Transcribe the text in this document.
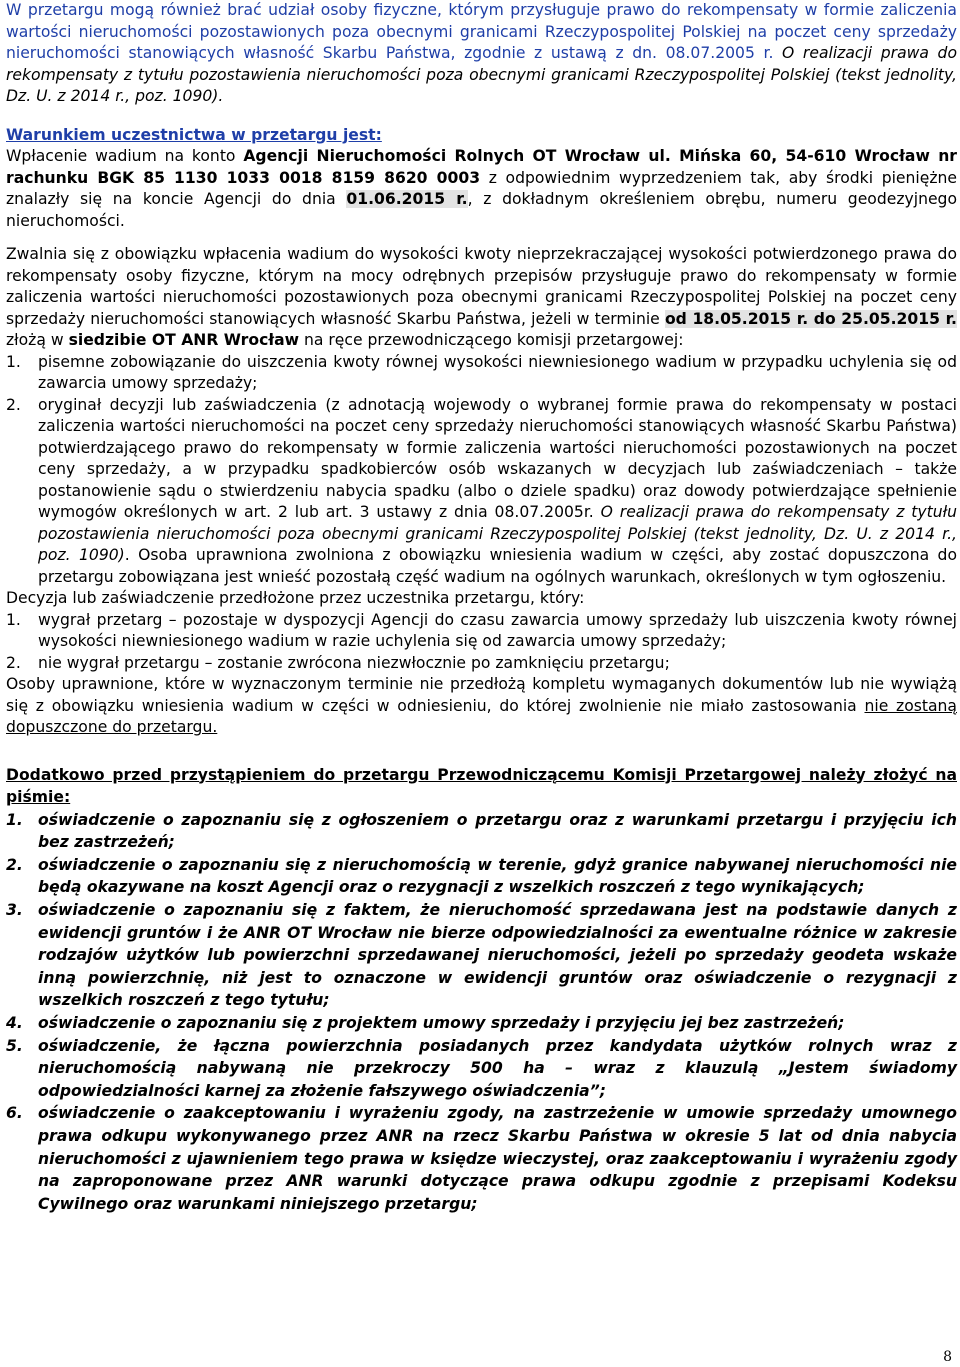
W przetargu mogą również brać udział osoby fizyczne, którym przysługuje prawo do rekompensaty w formie zaliczenia wartości nieruchomości pozostawionych poza obecnymi granicami Rzeczypospolitej Polskiej na poczet ceny sprzedaży nieruchomości stanowiących własność Skarbu Państwa, zgodnie z ustawą z dn. 08.07.2005 r. O realizacji prawa do rekompensaty z tytułu pozostawienia nieruchomości poza obecnymi granicami Rzeczypospolitej Polskiej (tekst jednolity, Dz. U. z 2014 r., poz. 1090).

Warunkiem uczestnictwa w przetargu jest:

Wpłacenie wadium na konto Agencji Nieruchomości Rolnych OT Wrocław ul. Mińska 60, 54-610 Wrocław nr rachunku BGK 85 1130 1033 0018 8159 8620 0003 z odpowiednim wyprzedzeniem tak, aby środki pieniężne znalazły się na koncie Agencji do dnia 01.06.2015 r., z dokładnym określeniem obrębu, numeru geodezyjnego nieruchomości.

Zwalnia się z obowiązku wpłacenia wadium do wysokości kwoty nieprzekraczającej wysokości potwierdzonego prawa do rekompensaty osoby fizyczne, którym na mocy odrębnych przepisów przysługuje prawo do rekompensaty w formie zaliczenia wartości nieruchomości pozostawionych poza obecnymi granicami Rzeczypospolitej Polskiej na poczet ceny sprzedaży nieruchomości stanowiących własność Skarbu Państwa, jeżeli w terminie od 18.05.2015 r. do 25.05.2015 r. złożą w siedzibie OT ANR Wrocław na ręce przewodniczącego komisji przetargowej:

1.	pisemne zobowiązanie do uiszczenia kwoty równej wysokości niewniesionego wadium w przypadku uchylenia się od zawarcia umowy sprzedaży;
2.	oryginał decyzji lub zaświadczenia (z adnotacją wojewody o wybranej formie prawa do rekompensaty w postaci zaliczenia wartości nieruchomości na poczet ceny sprzedaży nieruchomości stanowiących własność Skarbu Państwa) potwierdzającego prawo do rekompensaty w formie zaliczenia wartości nieruchomości pozostawionych na poczet ceny sprzedaży, a w przypadku spadkobierców osób wskazanych w decyzjach lub zaświadczeniach – także postanowienie sądu o stwierdzeniu nabycia spadku (albo o dziele spadku) oraz dowody potwierdzające spełnienie wymogów określonych w art. 2 lub art. 3 ustawy z dnia 08.07.2005r. O realizacji prawa do rekompensaty z tytułu pozostawienia nieruchomości poza obecnymi granicami Rzeczypospolitej Polskiej (tekst jednolity, Dz. U. z 2014 r., poz. 1090). Osoba uprawniona zwolniona z obowiązku wniesienia wadium w części, aby zostać dopuszczona do przetargu zobowiązana jest wnieść pozostałą część wadium na ogólnych warunkach, określonych w tym ogłoszeniu.

Decyzja lub zaświadczenie przedłożone przez uczestnika przetargu, który:

1.	wygrał przetarg – pozostaje w dyspozycji Agencji do czasu zawarcia umowy sprzedaży lub uiszczenia kwoty równej wysokości niewniesionego wadium w razie uchylenia się od zawarcia umowy sprzedaży;
2.	nie wygrał przetargu – zostanie zwrócona niezwłocznie po zamknięciu przetargu;

Osoby uprawnione, które w wyznaczonym terminie nie przedłożą kompletu wymaganych dokumentów lub nie wywiążą się z obowiązku wniesienia wadium w części w odniesieniu, do której zwolnienie nie miało zastosowania nie zostaną dopuszczone do przetargu.

Dodatkowo przed przystąpieniem do przetargu Przewodniczącemu Komisji Przetargowej należy złożyć na piśmie:

1. oświadczenie o zapoznaniu się z ogłoszeniem o przetargu oraz z warunkami przetargu i przyjęciu ich bez zastrzeżeń;
2. oświadczenie o zapoznaniu się z nieruchomością w terenie, gdyż granice nabywanej nieruchomości nie będą okazywane na koszt Agencji oraz o rezygnacji z wszelkich roszczeń z tego wynikających;
3. oświadczenie o zapoznaniu się z faktem, że nieruchomość sprzedawana jest na podstawie danych z ewidencji gruntów i że ANR OT Wrocław nie bierze odpowiedzialności za ewentualne różnice w zakresie rodzajów użytków lub powierzchni sprzedawanej nieruchomości, jeżeli po sprzedaży geodeta wskaże inną powierzchnię, niż jest to oznaczone w ewidencji gruntów oraz oświadczenie o rezygnacji z wszelkich roszczeń z tego tytułu;
4. oświadczenie o zapoznaniu się z projektem umowy sprzedaży i przyjęciu jej bez zastrzeżeń;
5. oświadczenie, że łączna powierzchnia posiadanych przez kandydata użytków rolnych wraz z nieruchomością nabywaną nie przekroczy 500 ha – wraz z klauzulą „Jestem świadomy odpowiedzialności karnej za złożenie fałszywego oświadczenia”;
6. oświadczenie o zaakceptowaniu i wyrażeniu zgody, na zastrzeżenie w umowie sprzedaży umownego prawa odkupu wykonywanego przez ANR na rzecz Skarbu Państwa w okresie 5 lat od dnia nabycia nieruchomości z ujawnieniem tego prawa w księdze wieczystej, oraz zaakceptowaniu i wyrażeniu zgody na zaproponowane przez ANR warunki dotyczące prawa odkupu zgodnie z przepisami Kodeksu Cywilnego oraz warunkami niniejszego przetargu;
8
